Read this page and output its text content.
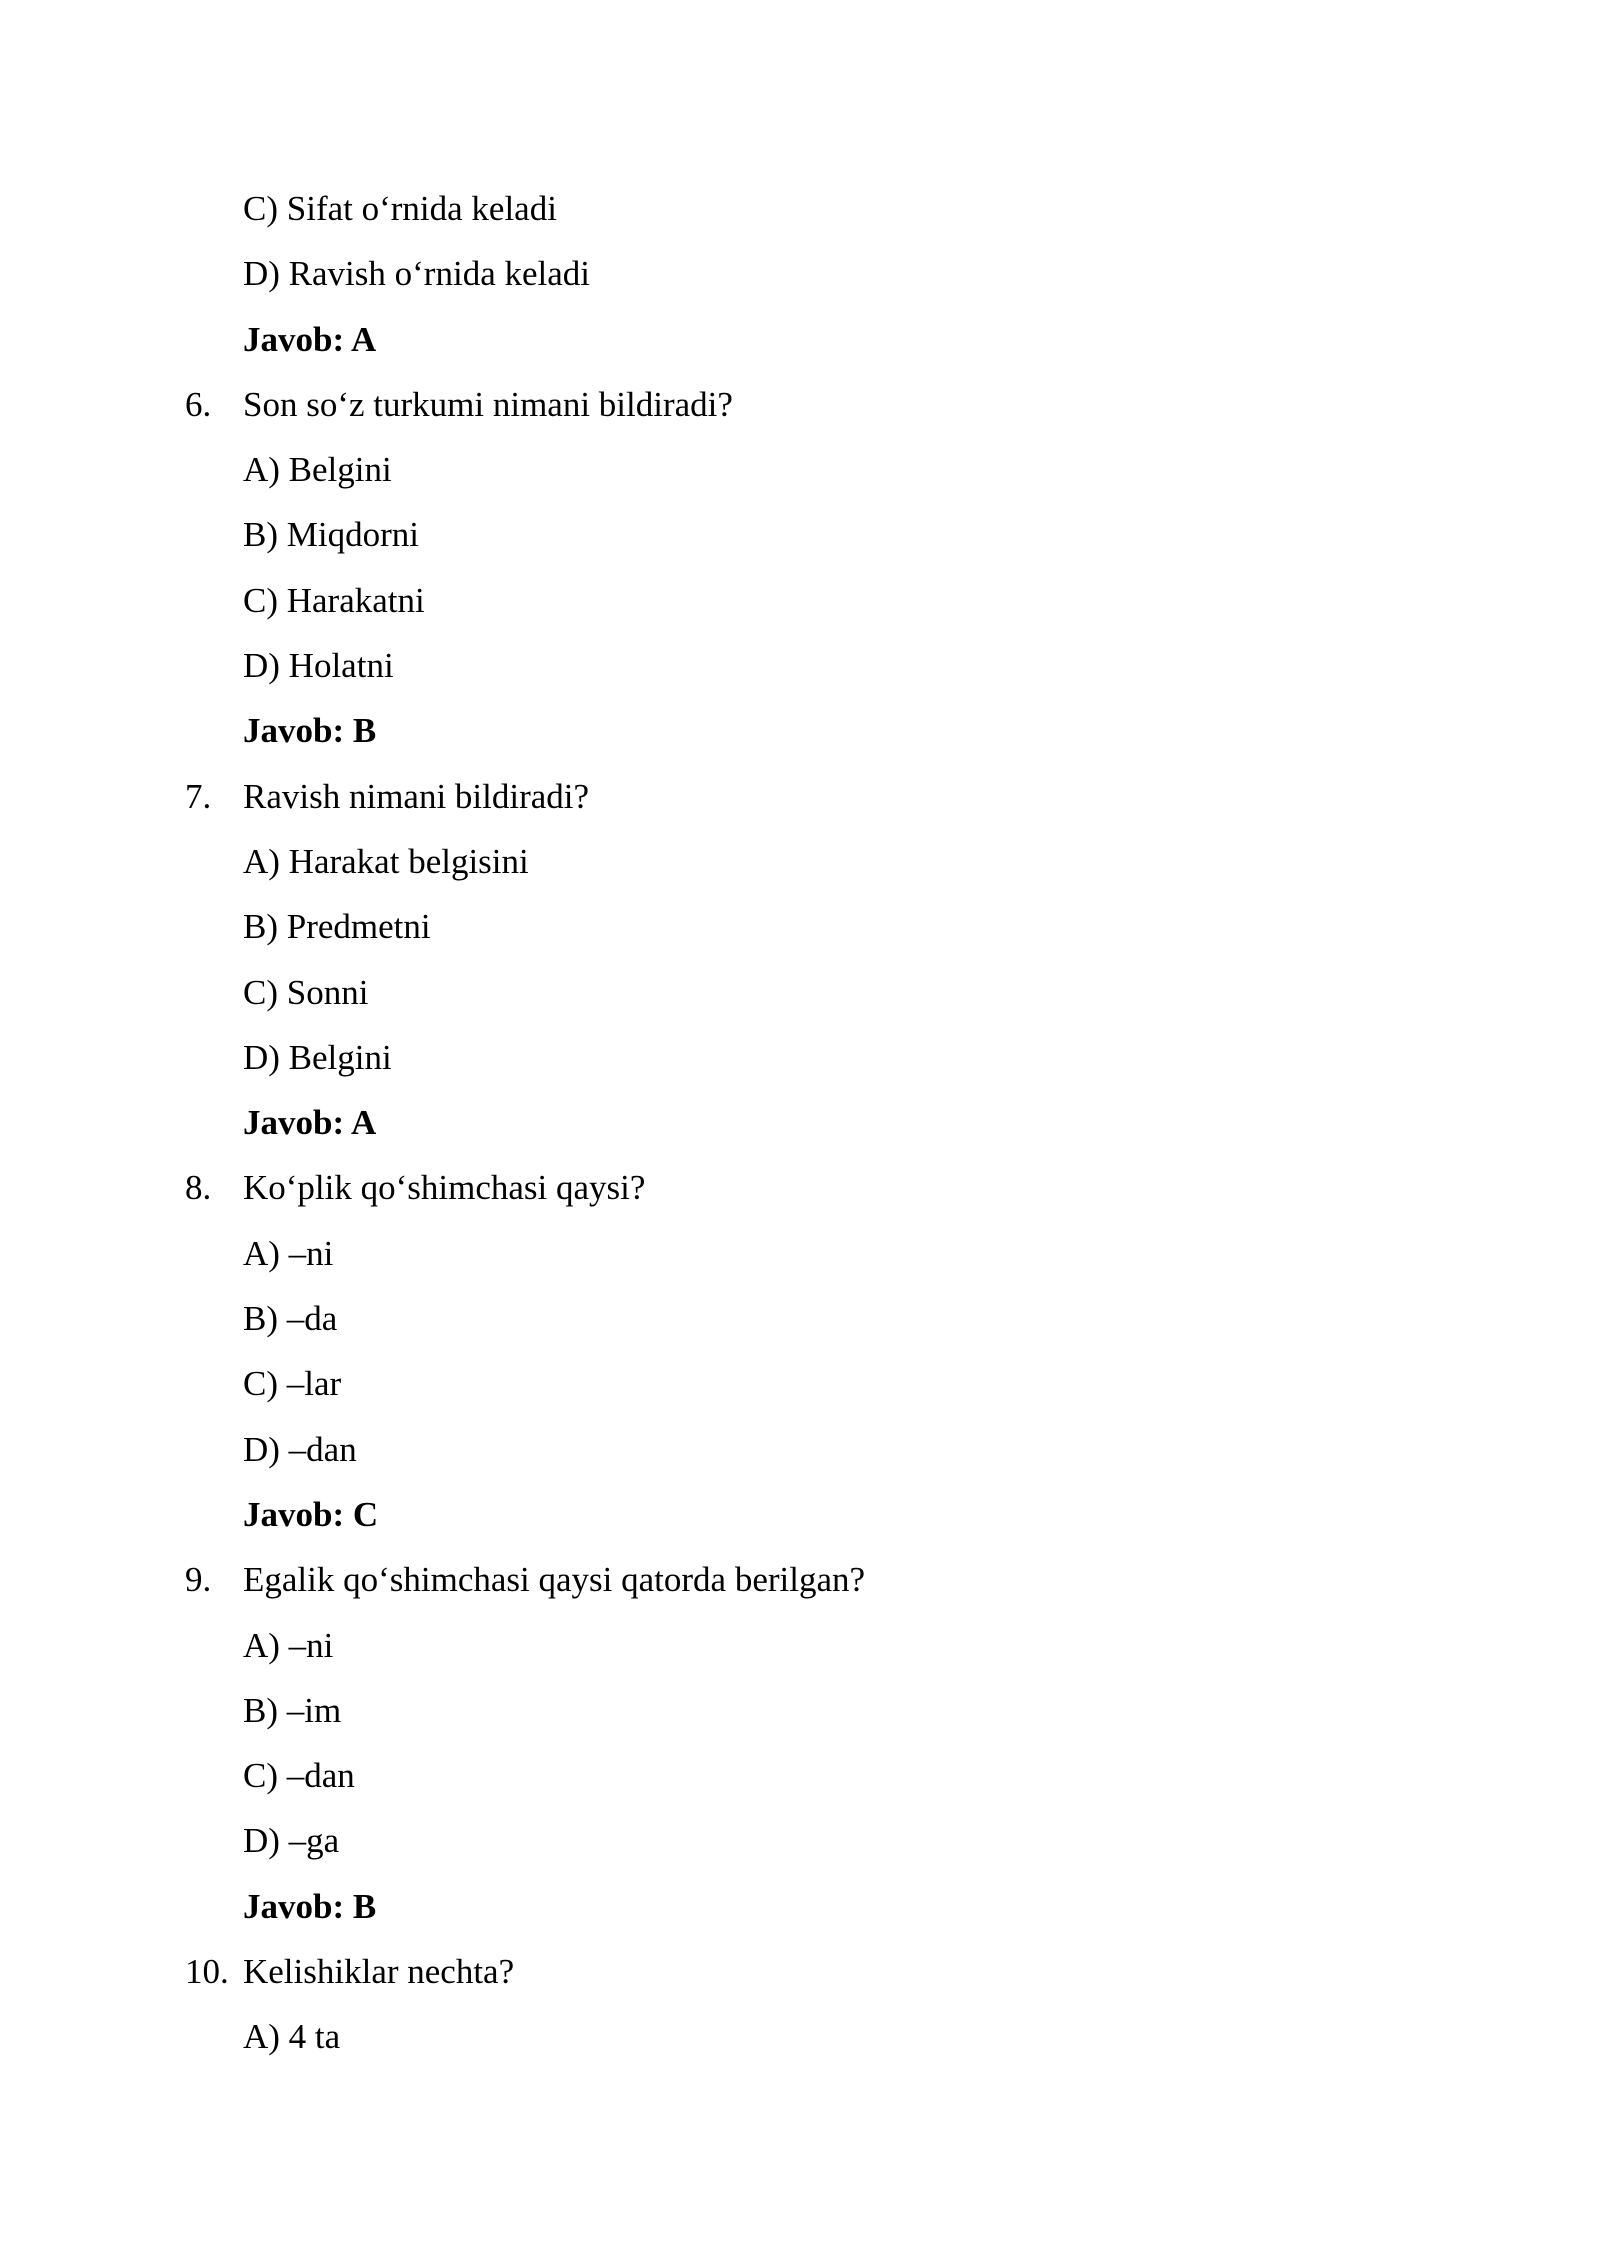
C) Sifat o‘rnida keladi
D) Ravish o‘rnida keladi
Javob: A
6. Son so‘z turkumi nimani bildiradi?
A) Belgini
B) Miqdorni
C) Harakatni
D) Holatni
Javob: B
7. Ravish nimani bildiradi?
A) Harakat belgisini
B) Predmetni
C) Sonni
D) Belgini
Javob: A
8. Ko‘plik qo‘shimchasi qaysi?
A) –ni
B) –da
C) –lar
D) –dan
Javob: C
9. Egalik qo‘shimchasi qaysi qatorda berilgan?
A) –ni
B) –im
C) –dan
D) –ga
Javob: B
10. Kelishiklar nechta?
A) 4 ta
